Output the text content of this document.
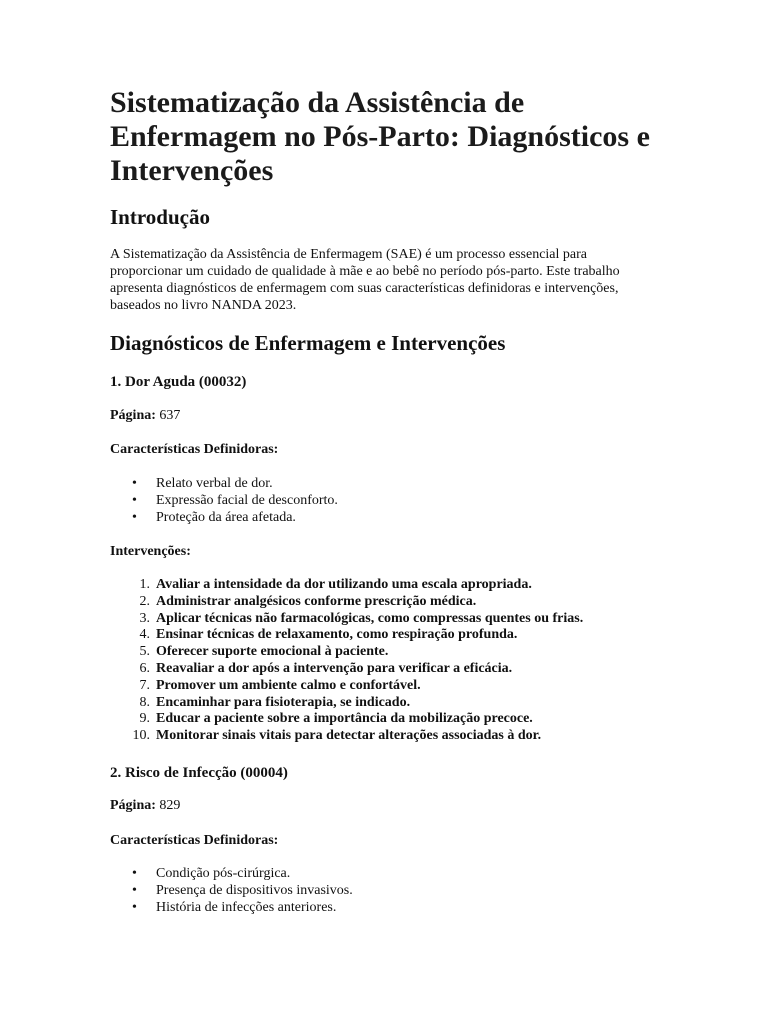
Sistematização da Assistência de Enfermagem no Pós-Parto: Diagnósticos e Intervenções
Introdução

A Sistematização da Assistência de Enfermagem (SAE) é um processo essencial para proporcionar um cuidado de qualidade à mãe e ao bebê no período pós-parto. Este trabalho apresenta diagnósticos de enfermagem com suas características definidoras e intervenções, baseados no livro NANDA 2023.

Diagnósticos de Enfermagem e Intervenções
1. Dor Aguda (00032)
Página: 637
Características Definidoras:
• Relato verbal de dor.
• Expressão facial de desconforto.
• Proteção da área afetada.
Intervenções:
1. Avaliar a intensidade da dor utilizando uma escala apropriada.
2. Administrar analgésicos conforme prescrição médica.
3. Aplicar técnicas não farmacológicas, como compressas quentes ou frias.
4. Ensinar técnicas de relaxamento, como respiração profunda.
5. Oferecer suporte emocional à paciente.
6. Reavaliar a dor após a intervenção para verificar a eficácia.
7. Promover um ambiente calmo e confortável.
8. Encaminhar para fisioterapia, se indicado.
9. Educar a paciente sobre a importância da mobilização precoce.
10. Monitorar sinais vitais para detectar alterações associadas à dor.
2. Risco de Infecção (00004)
Página: 829
Características Definidoras:
• Condição pós-cirúrgica.
• Presença de dispositivos invasivos.
• História de infecções anteriores.
